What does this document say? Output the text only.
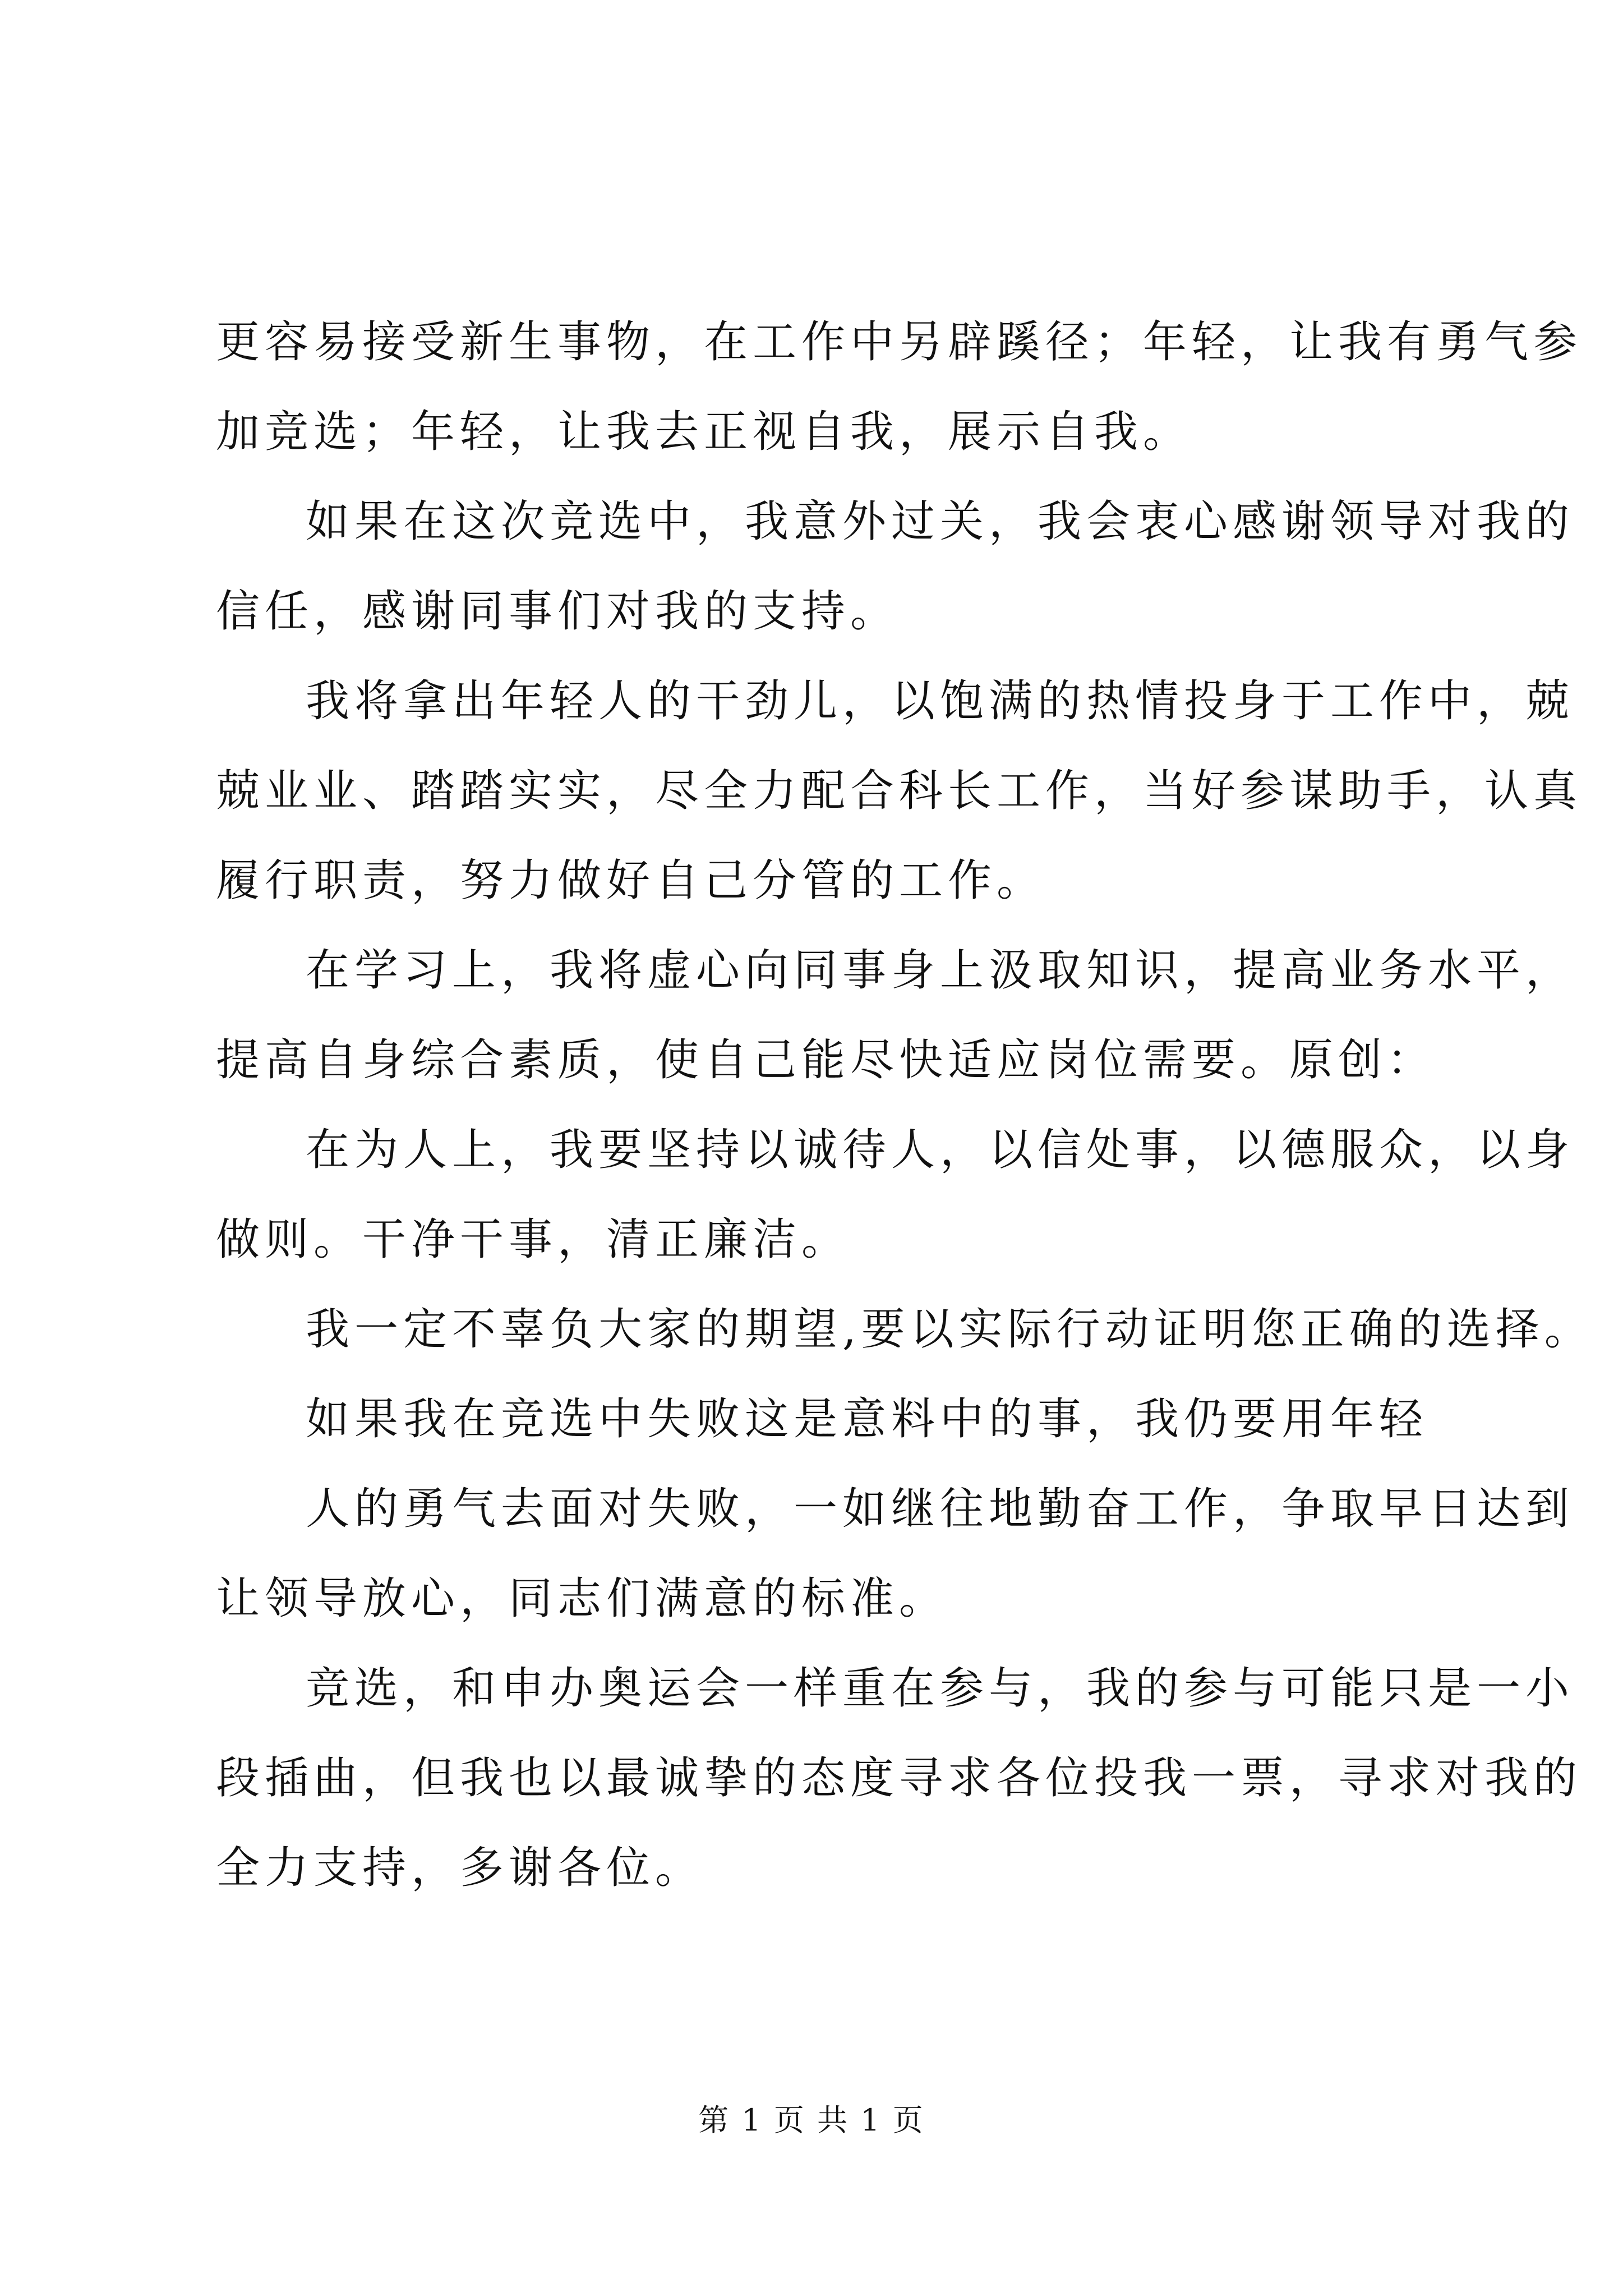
更容易接受新生事物，在工作中另辟蹊径；年轻，让我有勇气参
加竞选；年轻，让我去正视自我，展示自我。
如果在这次竞选中，我意外过关，我会衷心感谢领导对我的
信任，感谢同事们对我的支持。
我将拿出年轻人的干劲儿，以饱满的热情投身于工作中，兢
兢业业、踏踏实实，尽全力配合科长工作，当好参谋助手，认真
履行职责，努力做好自己分管的工作。
在学习上，我将虚心向同事身上汲取知识，提高业务水平，
提高自身综合素质，使自己能尽快适应岗位需要。原创：
在为人上，我要坚持以诚待人，以信处事，以德服众，以身
做则。干净干事，清正廉洁。
我一定不辜负大家的期望,要以实际行动证明您正确的选择。
如果我在竞选中失败这是意料中的事，我仍要用年轻
人的勇气去面对失败，一如继往地勤奋工作，争取早日达到
让领导放心，同志们满意的标准。
竞选，和申办奥运会一样重在参与，我的参与可能只是一小
段插曲，但我也以最诚挚的态度寻求各位投我一票，寻求对我的
全力支持，多谢各位。
第 1 页 共 1 页
